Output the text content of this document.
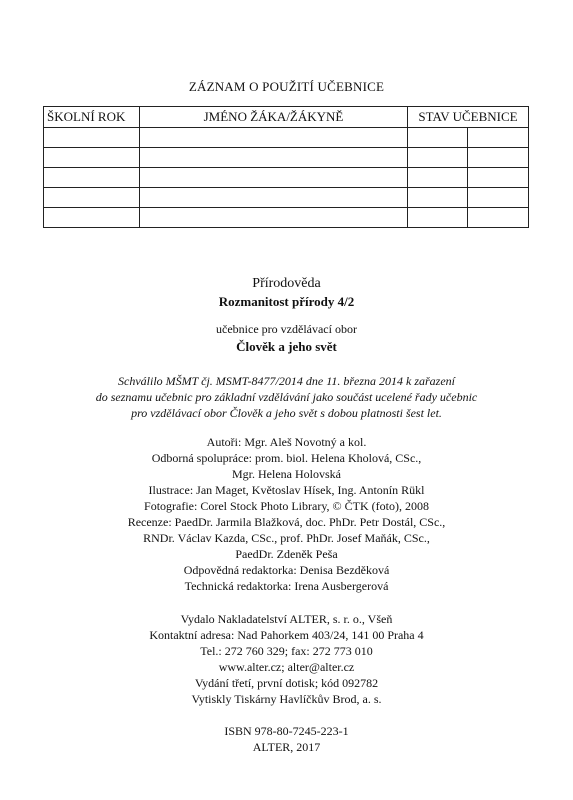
ZÁZNAM O POUŽITÍ UČEBNICE
ŠKOLNÍ ROK	JMÉNO ŽÁKA/ŽÁKYNĚ	STAV UČEBNICE	

Přírodověda
Rozmanitost přírody 4/2
učebnice pro vzdělávací obor
Člověk a jeho svět
Schválilo MŠMT čj. MSMT-8477/2014 dne 11. března 2014 k zařazení
do seznamu učebnic pro základní vzdělávání jako součást ucelené řady učebnic
pro vzdělávací obor Člověk a jeho svět s dobou platnosti šest let.
Autoři: Mgr. Aleš Novotný a kol.
Odborná spolupráce: prom. biol. Helena Kholová, CSc.,
Mgr. Helena Holovská
Ilustrace: Jan Maget, Květoslav Hísek, Ing. Antonín Rükl
Fotografie: Corel Stock Photo Library, © ČTK (foto), 2008
Recenze: PaedDr. Jarmila Blažková, doc. PhDr. Petr Dostál, CSc.,
RNDr. Václav Kazda, CSc., prof. PhDr. Josef Maňák, CSc.,
PaedDr. Zdeněk Peša
Odpovědná redaktorka: Denisa Bezděková
Technická redaktorka: Irena Ausbergerová
Vydalo Nakladatelství ALTER, s. r. o., Všeň
Kontaktní adresa: Nad Pahorkem 403/24, 141 00 Praha 4
Tel.: 272 760 329; fax: 272 773 010
www.alter.cz; alter@alter.cz
Vydání třetí, první dotisk; kód 092782
Vytiskly Tiskárny Havlíčkův Brod, a. s.
ISBN 978-80-7245-223-1
ALTER, 2017
